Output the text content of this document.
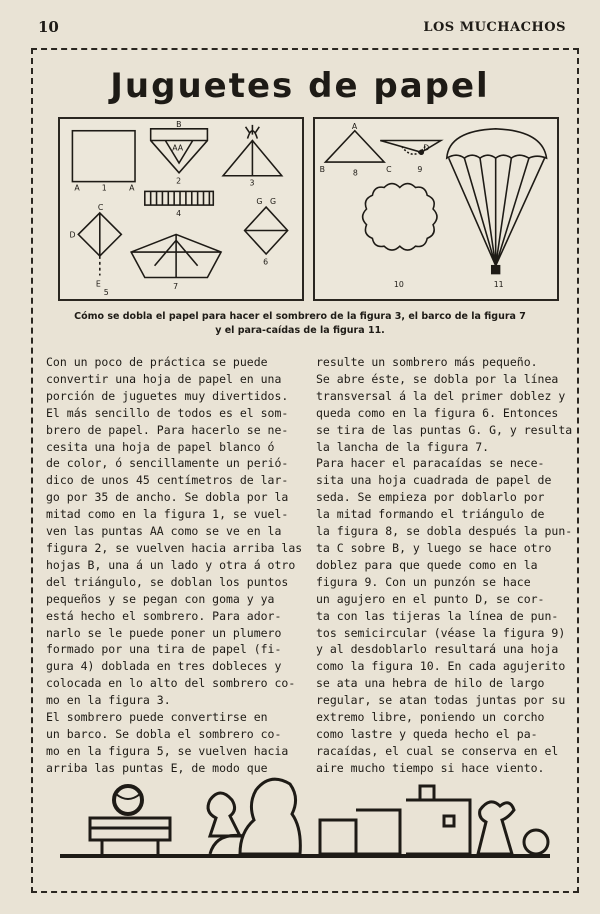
10	LOS MUCHACHOS
Juguetes de papel
A	1	A
B
AA
2	3
4
C
D
E
5
6
G G
7
A
B	C
8
D
9
10	11
Cómo se dobla el papel para hacer el sombrero de la figura 3, el barco de la figura 7
y el para-caídas de la figura 11.
Con un poco de práctica se puede
convertir una hoja de papel en una
porción de juguetes muy divertidos.
El más sencillo de todos es el som-
brero de papel. Para hacerlo se ne-
cesita una hoja de papel blanco ó
de color, ó sencillamente un perió-
dico de unos 45 centímetros de lar-
go por 35 de ancho. Se dobla por la
mitad como en la figura 1, se vuel-
ven las puntas AA como se ve en la
figura 2, se vuelven hacia arriba las
hojas B, una á un lado y otra á otro
del triángulo, se doblan los puntos
pequeños y se pegan con goma y ya
está hecho el sombrero. Para ador-
narlo se le puede poner un plumero
formado por una tira de papel (fi-
gura 4) doblada en tres dobleces y
colocada en lo alto del sombrero co-
mo en la figura 3.
El sombrero puede convertirse en
un barco. Se dobla el sombrero co-
mo en la figura 5, se vuelven hacia
arriba las puntas E, de modo que
resulte un sombrero más pequeño.
Se abre éste, se dobla por la línea
transversal á la del primer doblez y
queda como en la figura 6. Entonces
se tira de las puntas G. G, y resulta
la lancha de la figura 7.
Para hacer el paracaídas se nece-
sita una hoja cuadrada de papel de
seda. Se empieza por doblarlo por
la mitad formando el triángulo de
la figura 8, se dobla después la pun-
ta C sobre B, y luego se hace otro
doblez para que quede como en la
figura 9. Con un punzón se hace
un agujero en el punto D, se cor-
ta con las tijeras la línea de pun-
tos semicircular (véase la figura 9)
y al desdoblarlo resultará una hoja
como la figura 10. En cada agujerito
se ata una hebra de hilo de largo
regular, se atan todas juntas por su
extremo libre, poniendo un corcho
como lastre y queda hecho el pa-
racaídas, el cual se conserva en el
aire mucho tiempo si hace viento.
